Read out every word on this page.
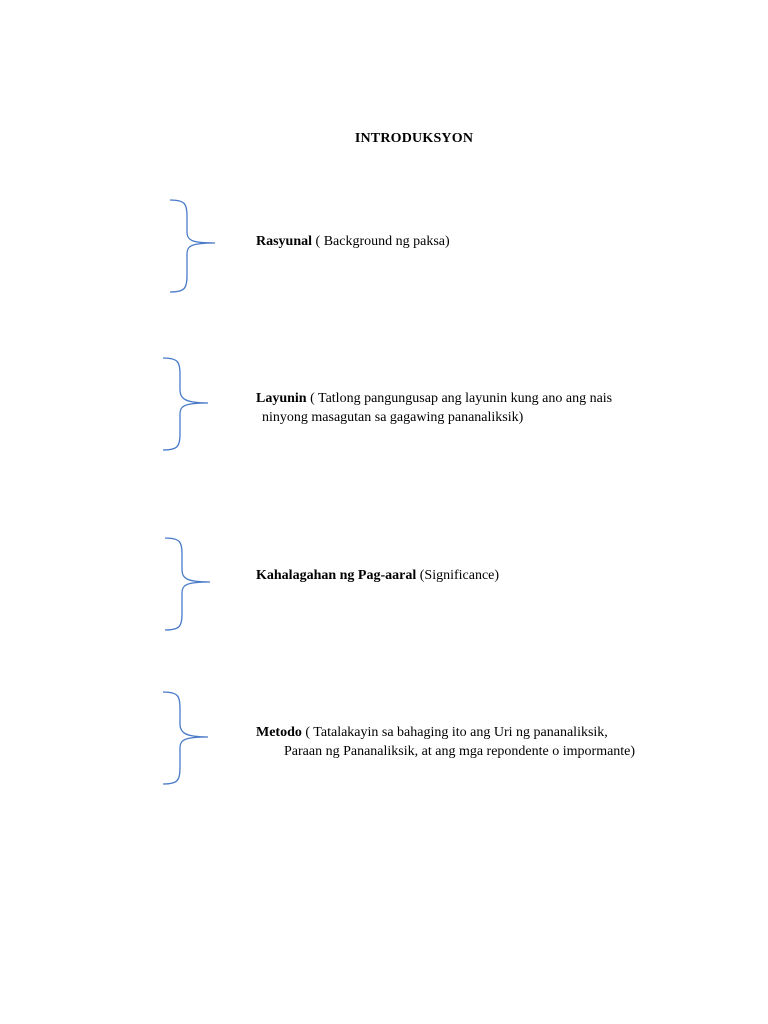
INTRODUKSYON
Rasyunal ( Background ng paksa)
Layunin ( Tatlong pangungusap ang layunin kung ano ang nais
ninyong masagutan sa gagawing pananaliksik)
Kahalagahan ng Pag-aaral (Significance)
Metodo ( Tatalakayin sa bahaging ito ang Uri ng pananaliksik,
Paraan ng Pananaliksik, at ang mga repondente o impormante)
